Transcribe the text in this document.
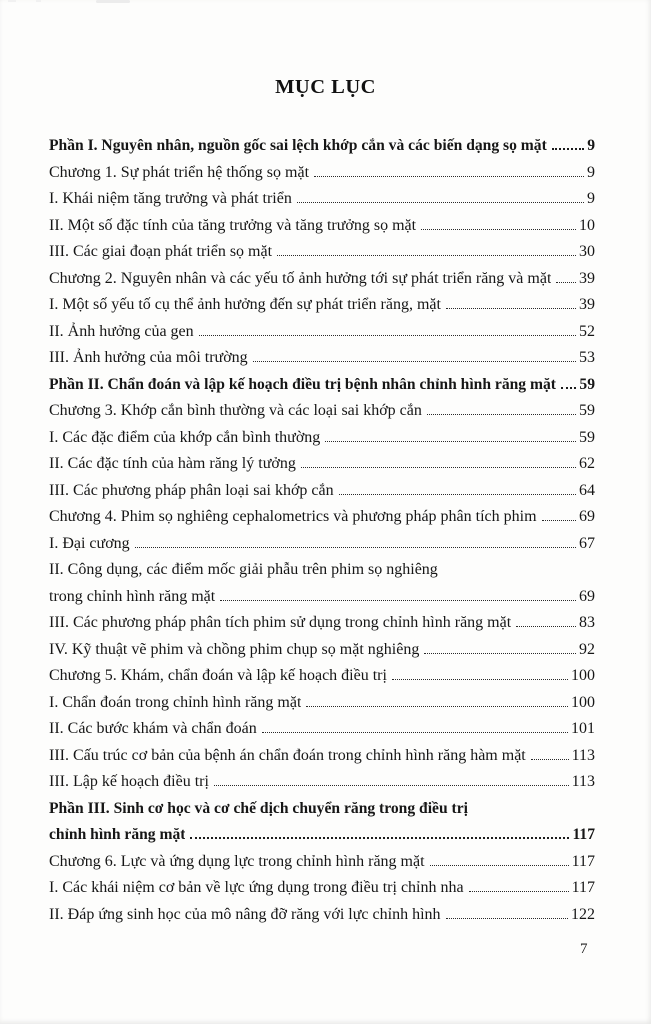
MỤC LỤC
Phần I. Nguyên nhân, nguồn gốc sai lệch khớp cắn và các biến dạng sọ mặt	9
Chương 1. Sự phát triển hệ thống sọ mặt	9
I. Khái niệm tăng trưởng và phát triển	9
II. Một số đặc tính của tăng trưởng và tăng trưởng sọ mặt	10
III. Các giai đoạn phát triển sọ mặt	30
Chương 2. Nguyên nhân và các yếu tố ảnh hưởng tới sự phát triển răng và mặt 39
I. Một số yếu tố cụ thể ảnh hưởng đến sự phát triển răng, mặt	39
II. Ảnh hưởng của gen	52
III. Ảnh hưởng của môi trường	53
Phần II. Chẩn đoán và lập kế hoạch điều trị bệnh nhân chỉnh hình răng mặt 59
Chương 3. Khớp cắn bình thường và các loại sai khớp cắn	59
I. Các đặc điểm của khớp cắn bình thường	59
II. Các đặc tính của hàm răng lý tưởng	62
III. Các phương pháp phân loại sai khớp cắn	64
Chương 4. Phim sọ nghiêng cephalometrics và phương pháp phân tích phim	69
I. Đại cương	67
II. Công dụng, các điểm mốc giải phẫu trên phim sọ nghiêng
trong chỉnh hình răng mặt	69
III. Các phương pháp phân tích phim sử dụng trong chỉnh hình răng mặt	83
IV. Kỹ thuật vẽ phim và chồng phim chụp sọ mặt nghiêng	92
Chương 5. Khám, chẩn đoán và lập kế hoạch điều trị	100
I. Chẩn đoán trong chỉnh hình răng mặt	100
II. Các bước khám và chẩn đoán	101
III. Cấu trúc cơ bản của bệnh án chẩn đoán trong chỉnh hình răng hàm mặt	113
III. Lập kế hoạch điều trị	113
Phần III. Sinh cơ học và cơ chế dịch chuyển răng trong điều trị
chỉnh hình răng mặt	117
Chương 6. Lực và ứng dụng lực trong chỉnh hình răng mặt	117
I. Các khái niệm cơ bản về lực ứng dụng trong điều trị chỉnh nha	117
II. Đáp ứng sinh học của mô nâng đỡ răng với lực chỉnh hình	122
7
